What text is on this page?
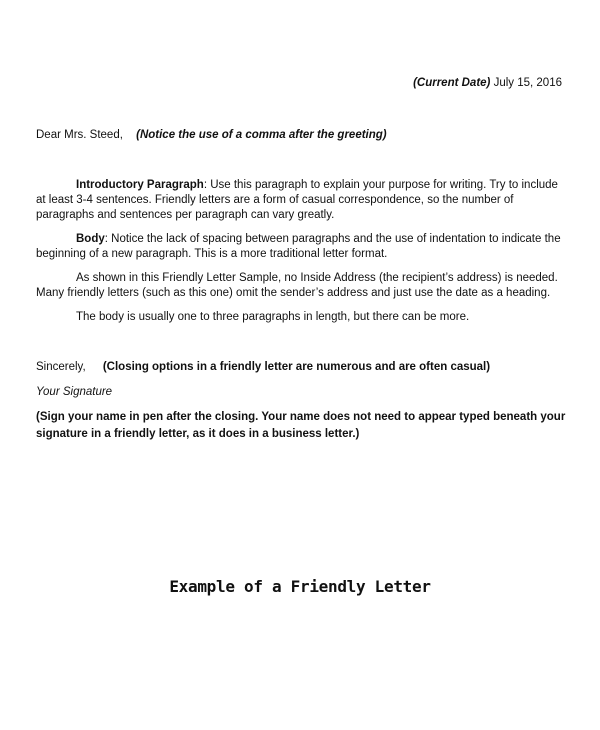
(Current Date) July 15, 2016
Dear Mrs. Steed, (Notice the use of a comma after the greeting)

Introductory Paragraph: Use this paragraph to explain your purpose for writing. Try to include at least 3-4 sentences. Friendly letters are a form of casual correspondence, so the number of paragraphs and sentences per paragraph can vary greatly.

Body: Notice the lack of spacing between paragraphs and the use of indentation to indicate the beginning of a new paragraph. This is a more traditional letter format.

As shown in this Friendly Letter Sample, no Inside Address (the recipient’s address) is needed. Many friendly letters (such as this one) omit the sender’s address and just use the date as a heading.

The body is usually one to three paragraphs in length, but there can be more.

Sincerely, (Closing options in a friendly letter are numerous and are often casual)
Your Signature
(Sign your name in pen after the closing. Your name does not need to appear typed beneath your signature in a friendly letter, as it does in a business letter.)
Example of a Friendly Letter
